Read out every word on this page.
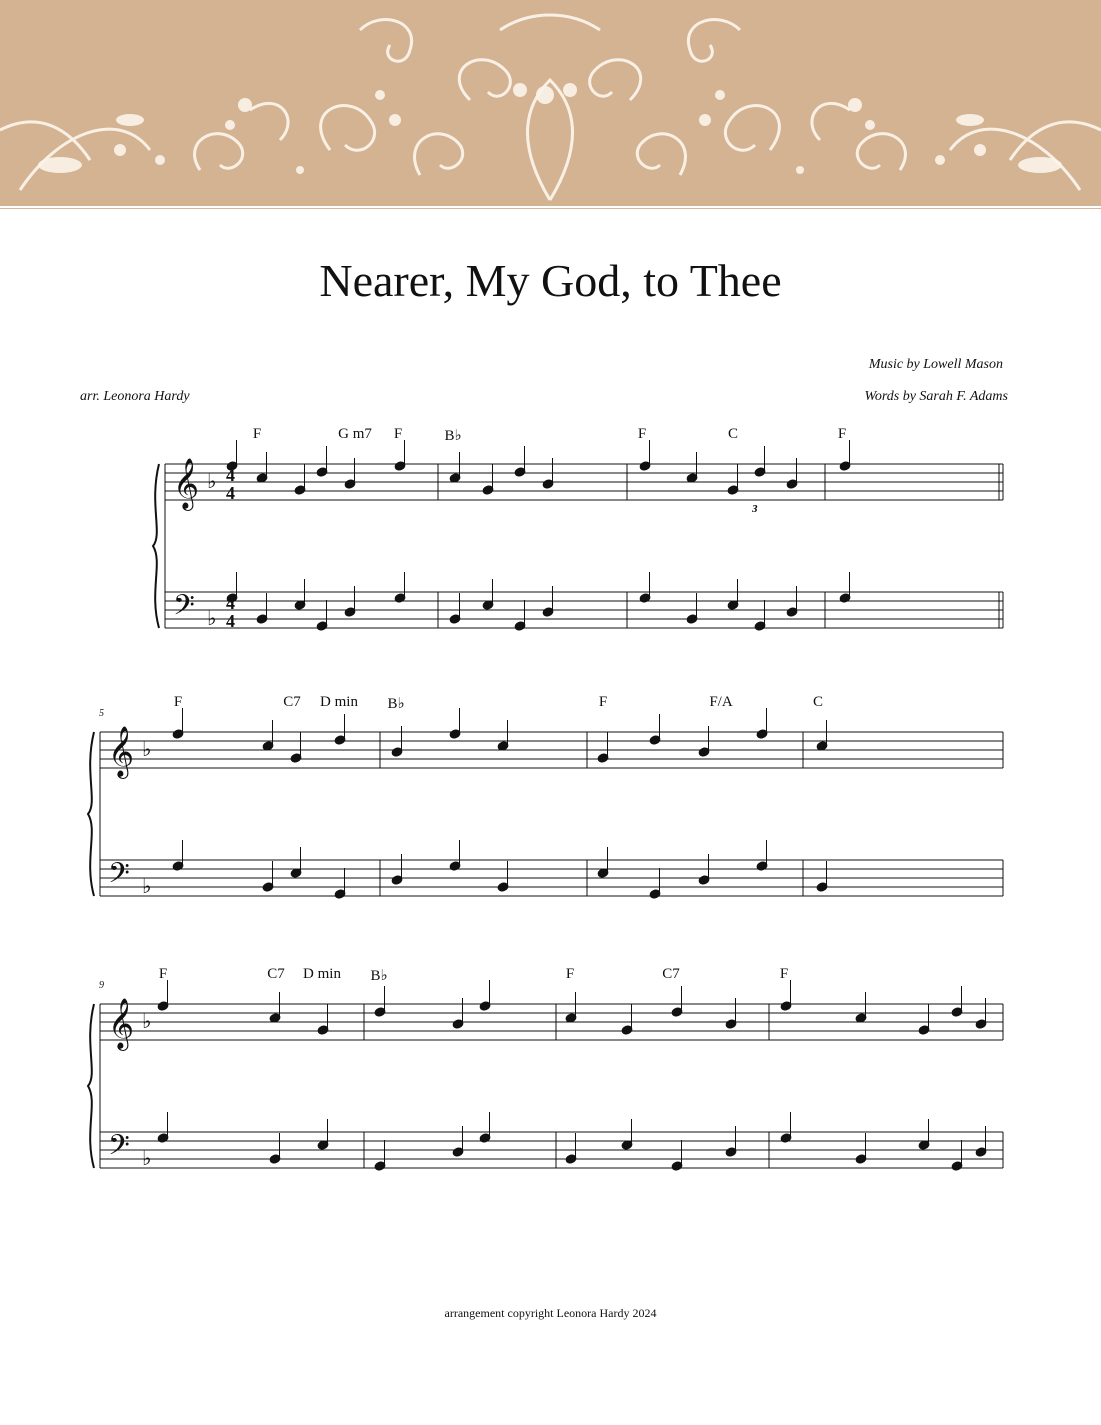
Nearer, My God, to Thee
Music by Lowell Mason
arr. Leonora Hardy	Words by Sarah F. Adams
F	G m7 F	B♭	F	C	F
5
F	C7 D min B♭	F	F/A	C
9
F	C7 D min B♭	F	C7	F
𝄞
𝄢
♭
♭
𝄞
𝄢
♭
♭
𝄞
𝄢
♭
♭
4
4
4
4
3
arrangement copyright Leonora Hardy 2024
